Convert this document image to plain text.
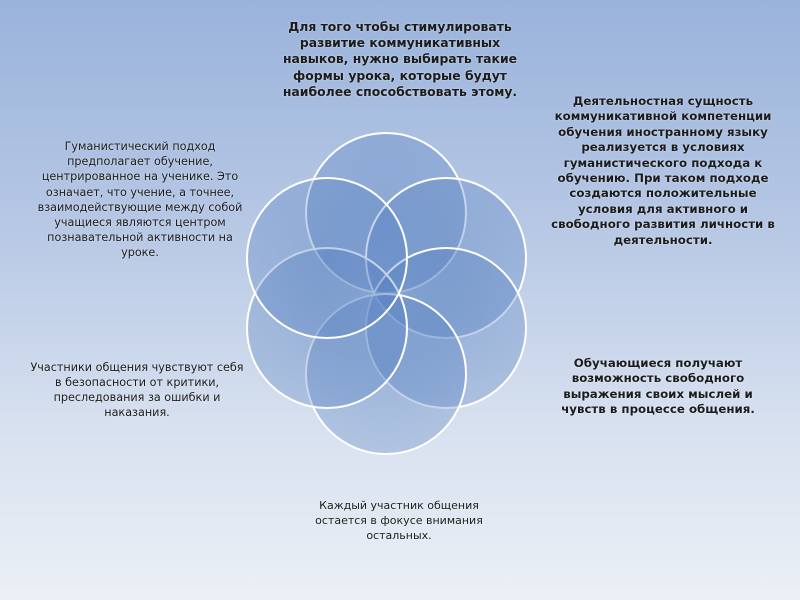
Для того чтобы стимулировать развитие коммуникативных навыков, нужно выбирать такие формы урока, которые будут наиболее способствовать этому.

Деятельностная сущность коммуникативной компетенции обучения иностранному языку реализуется в условиях гуманистического подхода к обучению. При таком подходе создаются положительные условия для активного и свободного развития личности в деятельности.

Обучающиеся получают возможность свободного выражения своих мыслей и чувств в процессе общения.

Каждый участник общения остается в фокусе внимания остальных.

Участники общения чувствуют себя в безопасности от критики, преследования за ошибки и наказания.

Гуманистический подход предполагает обучение, центрированное на ученике. Это означает, что учение, а точнее, взаимодействующие между собой учащиеся являются центром познавательной активности на уроке.
